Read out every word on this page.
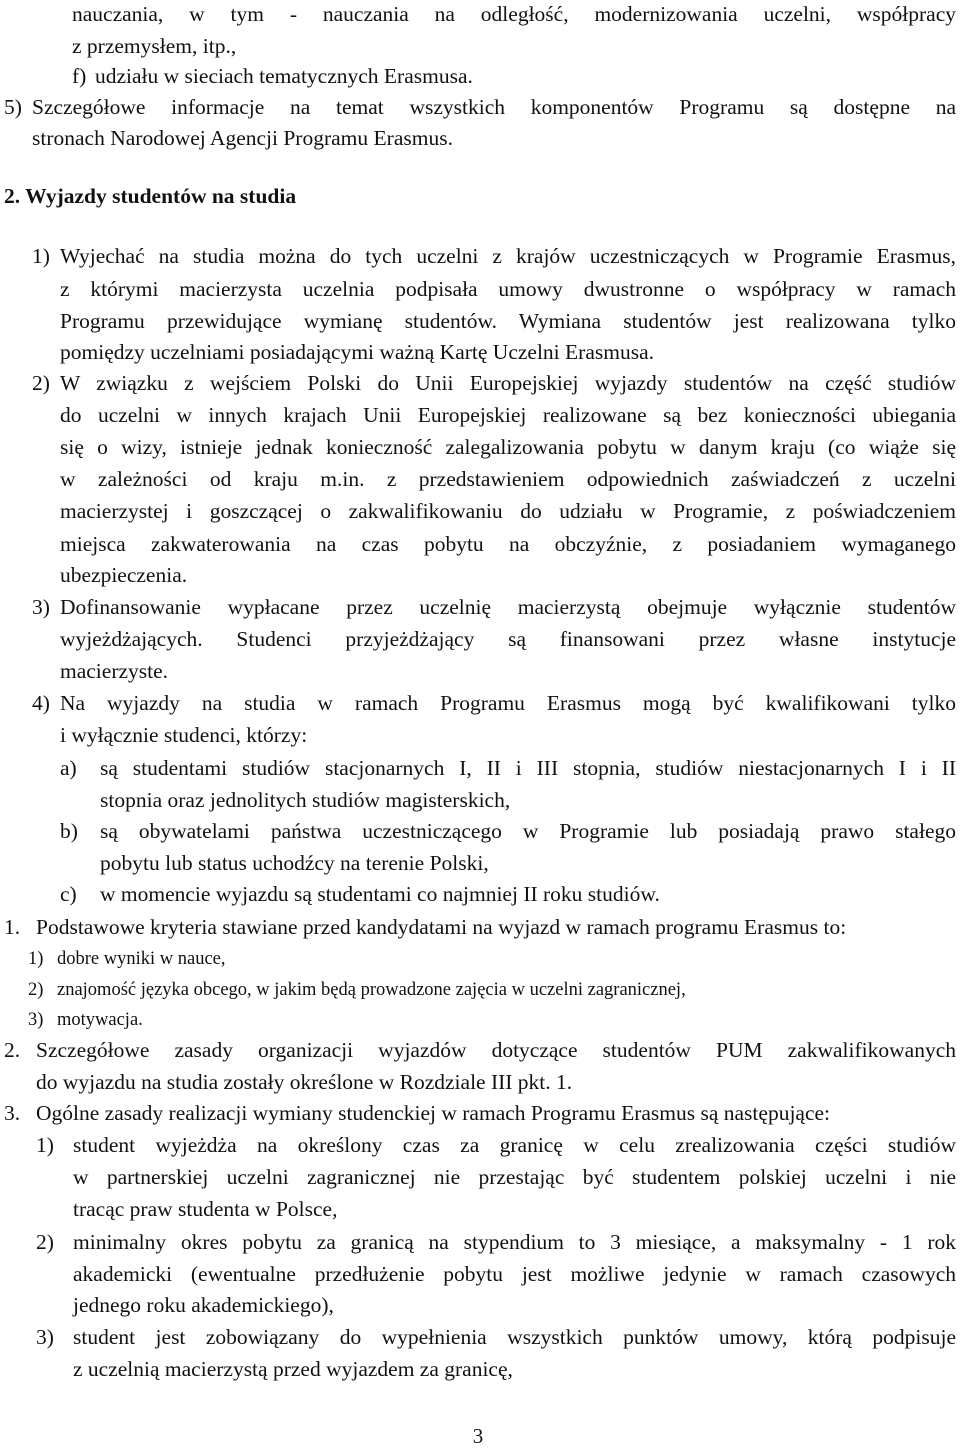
nauczania, w tym - nauczania na odległość, modernizowania uczelni, współpracy

z przemysłem, itp.,

f) udziału w sieciach tematycznych Erasmusa.

5) Szczegółowe informacje na temat wszystkich komponentów Programu są dostępne na

stronach Narodowej Agencji Programu Erasmus.

2. Wyjazdy studentów na studia
1) Wyjechać na studia można do tych uczelni z krajów uczestniczących w Programie Erasmus,

z którymi macierzysta uczelnia podpisała umowy dwustronne o współpracy w ramach

Programu przewidujące wymianę studentów. Wymiana studentów jest realizowana tylko

pomiędzy uczelniami posiadającymi ważną Kartę Uczelni Erasmusa.

2) W związku z wejściem Polski do Unii Europejskiej wyjazdy studentów na część studiów

do uczelni w innych krajach Unii Europejskiej realizowane są bez konieczności ubiegania

się o wizy, istnieje jednak konieczność zalegalizowania pobytu w danym kraju (co wiąże się

w zależności od kraju m.in. z przedstawieniem odpowiednich zaświadczeń z uczelni

macierzystej i goszczącej o zakwalifikowaniu do udziału w Programie, z poświadczeniem

miejsca zakwaterowania na czas pobytu na obczyźnie, z posiadaniem wymaganego

ubezpieczenia.

3) Dofinansowanie wypłacane przez uczelnię macierzystą obejmuje wyłącznie studentów

wyjeżdżających. Studenci przyjeżdżający są finansowani przez własne instytucje

macierzyste.

4) Na wyjazdy na studia w ramach Programu Erasmus mogą być kwalifikowani tylko

i wyłącznie studenci, którzy:

a)	są studentami studiów stacjonarnych I, II i III stopnia, studiów niestacjonarnych I i II

stopnia oraz jednolitych studiów magisterskich,

b)	są obywatelami państwa uczestniczącego w Programie lub posiadają prawo stałego

pobytu lub status uchodźcy na terenie Polski,

c)	w momencie wyjazdu są studentami co najmniej II roku studiów.

1. Podstawowe kryteria stawiane przed kandydatami na wyjazd w ramach programu Erasmus to:

1) dobre wyniki w nauce,

2) znajomość języka obcego, w jakim będą prowadzone zajęcia w uczelni zagranicznej,

3) motywacja.

2. Szczegółowe zasady organizacji wyjazdów dotyczące studentów PUM zakwalifikowanych

do wyjazdu na studia zostały określone w Rozdziale III pkt. 1.

3. Ogólne zasady realizacji wymiany studenckiej w ramach Programu Erasmus są następujące:

1) student wyjeżdża na określony czas za granicę w celu zrealizowania części studiów

w partnerskiej uczelni zagranicznej nie przestając być studentem polskiej uczelni i nie

tracąc praw studenta w Polsce,

2) minimalny okres pobytu za granicą na stypendium to 3 miesiące, a maksymalny - 1 rok

akademicki (ewentualne przedłużenie pobytu jest możliwe jedynie w ramach czasowych

jednego roku akademickiego),

3) student jest zobowiązany do wypełnienia wszystkich punktów umowy, którą podpisuje

z uczelnią macierzystą przed wyjazdem za granicę,

3
